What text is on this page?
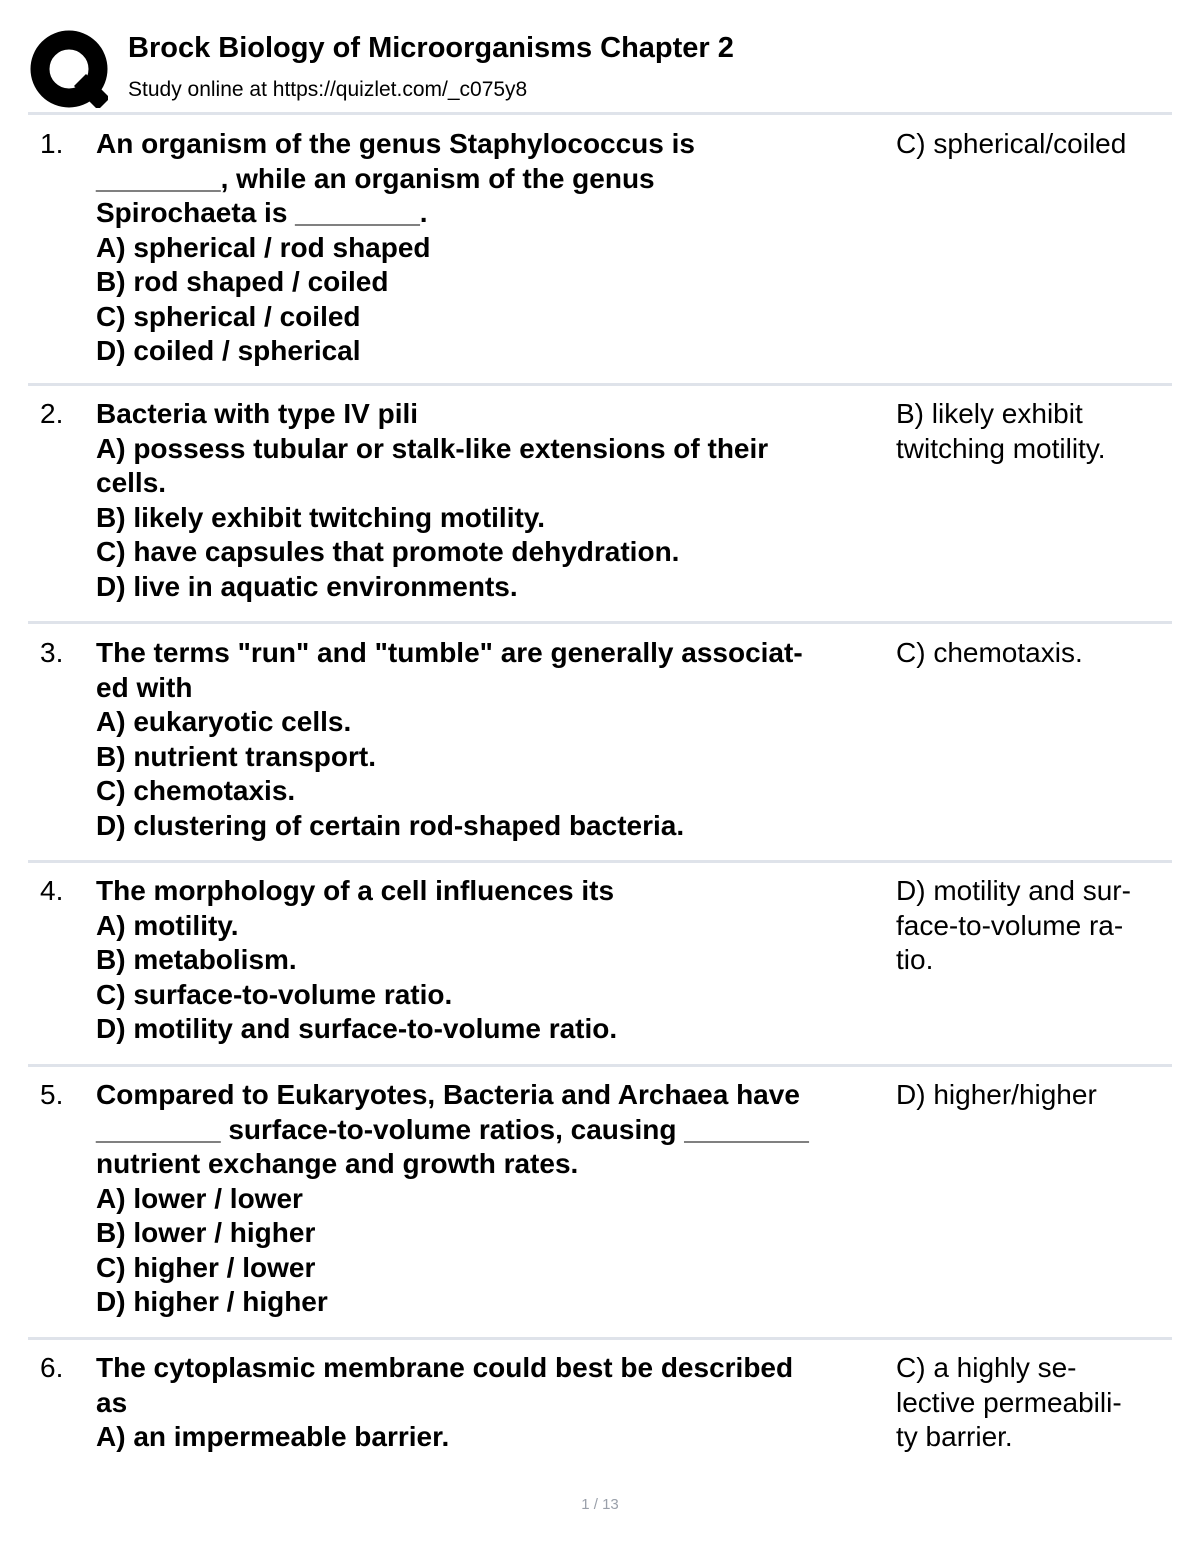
Brock Biology of Microorganisms Chapter 2
Study online at https://quizlet.com/_c075y8
1. An organism of the genus Staphylococcus is
________, while an organism of the genus
Spirochaeta is ________.
A) spherical / rod shaped
B) rod shaped / coiled
C) spherical / coiled
D) coiled / spherical
C) spherical/coiled
2. Bacteria with type IV pili
A) possess tubular or stalk-like extensions of their
cells.
B) likely exhibit twitching motility.
C) have capsules that promote dehydration.
D) live in aquatic environments.
B) likely exhibit
twitching motility.
3. The terms "run" and "tumble" are generally associat-
ed with
A) eukaryotic cells.
B) nutrient transport.
C) chemotaxis.
D) clustering of certain rod-shaped bacteria.
C) chemotaxis.
4. The morphology of a cell influences its
A) motility.
B) metabolism.
C) surface-to-volume ratio.
D) motility and surface-to-volume ratio.
D) motility and sur-
face-to-volume ra-
tio.
5. Compared to Eukaryotes, Bacteria and Archaea have
________ surface-to-volume ratios, causing ________
nutrient exchange and growth rates.
A) lower / lower
B) lower / higher
C) higher / lower
D) higher / higher
D) higher/higher
6. The cytoplasmic membrane could best be described
as
A) an impermeable barrier.
C) a highly se-
lective permeabili-
ty barrier.
1 / 13
